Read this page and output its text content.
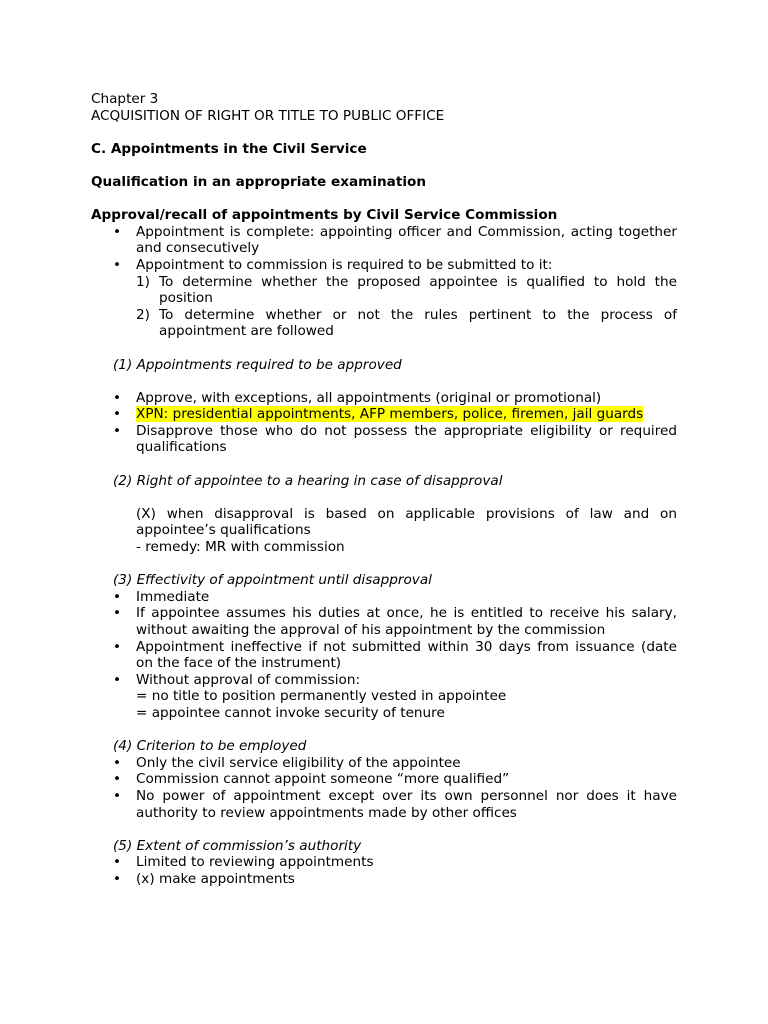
Chapter 3
ACQUISITION OF RIGHT OR TITLE TO PUBLIC OFFICE
C. Appointments in the Civil Service
Qualification in an appropriate examination
Approval/recall of appointments by Civil Service Commission
• Appointment is complete: appointing officer and Commission, acting together and consecutively
• Appointment to commission is required to be submitted to it:
1) To determine whether the proposed appointee is qualified to hold the position
2) To determine whether or not the rules pertinent to the process of appointment are followed
(1) Appointments required to be approved
• Approve, with exceptions, all appointments (original or promotional)
• XPN: presidential appointments, AFP members, police, firemen, jail guards
• Disapprove those who do not possess the appropriate eligibility or required qualifications
(2) Right of appointee to a hearing in case of disapproval
(X) when disapproval is based on applicable provisions of law and on appointee’s qualifications
- remedy: MR with commission
(3) Effectivity of appointment until disapproval
• Immediate
• If appointee assumes his duties at once, he is entitled to receive his salary, without awaiting the approval of his appointment by the commission
• Appointment ineffective if not submitted within 30 days from issuance (date on the face of the instrument)
• Without approval of commission:
= no title to position permanently vested in appointee
= appointee cannot invoke security of tenure
(4) Criterion to be employed
• Only the civil service eligibility of the appointee
• Commission cannot appoint someone “more qualified”
• No power of appointment except over its own personnel nor does it have authority to review appointments made by other offices
(5) Extent of commission’s authority
• Limited to reviewing appointments
• (x) make appointments
